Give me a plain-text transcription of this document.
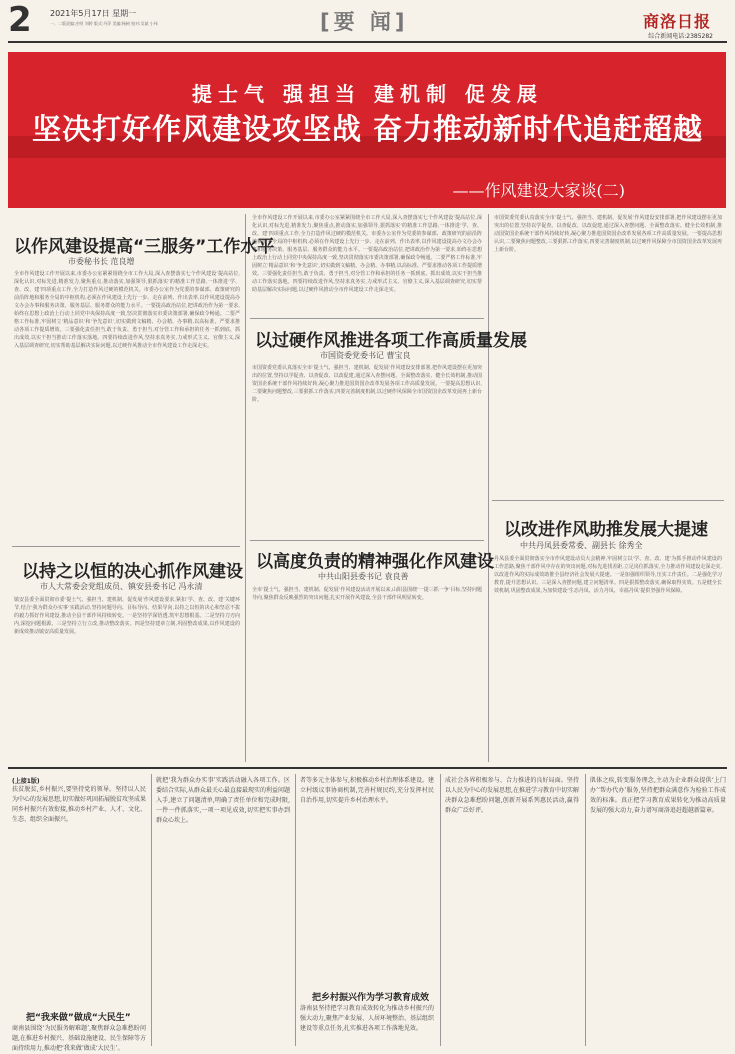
2 2021年5月17日 星期一
一、二版责编:庄明 刘婷 版式:丹萍 美编:杨树 校对:吴斌 小伟	[要 闻]	商洛日报
综合新闻电话:2385282
提士气 强担当 建机制 促发展
坚决打好作风建设攻坚战 奋力推动新时代追赶超越
——作风建设大家谈(二)
以作风建设提高“三服务”工作水平
市委秘书长 范良增
全市作风建设工作开展以来,市委办公室紧紧围绕全市工作大局,深入查摆落实七个作风建设‘提高站位,深化认识,对标先进,精准发力,聚焦重点,推动落实,加强领导,狠抓落实’的精准工作思路,一体推进‘学、查、改、建’四项重点工作,全力打造作风过硬的模范机关。市委办公室作为党委的参谋部、政策研究的前沿阵地和服务全局的中枢机构,必须在作风建设上先行一步、走在前列、作出表率,以作风建设提高办文办会办事和服务决策、服务基层、服务群众的能力水平。一要提高政治站位,把讲政治作为第一要求,始终在思想上政治上行动上同党中央保持高度一致,坚决贯彻落实市委决策部署,确保政令畅通。二要严格工作标准,牢固树立‘精品意识’和‘争先意识’,切实做到文稿精、办会精、办事精,以高标准、严要求推动各项工作提质增效。三要强化责任担当,敢于负责、勇于担当,对分管工作和承担的任务一抓到底、抓出成效,以实干担当推动工作落实落地。四要持续改进作风,坚持求真务实,力戒形式主义、官僚主义,深入基层调查研究,切实帮助基层解决实际问题,以过硬作风推动全市作风建设工作走深走实。
以持之以恒的决心抓作风建设
市人大常委会党组成员、镇安县委书记 冯永清
镇安县委全面贯彻市委‘提士气、强担当、建机制、促发展’作风建设要求,紧扣‘学、查、改、建’关键环节,结合‘我为群众办实事’实践活动,坚持问题导向、目标导向、结果导向,以持之以恒的决心和坚忍不拔的毅力抓好作风建设,推动全县干部作风持续转变。一是坚持学深悟透,筑牢思想根基。二是坚持刀刃向内,深挖问题根源。三是坚持立行立改,推动整改落实。四是坚持建章立制,巩固整改成果,以作风建设的新成效推动镇安高质量发展。
全市作风建设工作开展以来,市委办公室紧紧围绕全市工作大局,深入查摆落实七个作风建设‘提高站位,深化认识,对标先进,精准发力,聚焦重点,推动落实,加强领导,狠抓落实’的精准工作思路,一体推进‘学、查、改、建’四项重点工作,全力打造作风过硬的模范机关。市委办公室作为党委的参谋部、政策研究的前沿阵地和服务全局的中枢机构,必须在作风建设上先行一步、走在前列、作出表率,以作风建设提高办文办会办事和服务决策、服务基层、服务群众的能力水平。一要提高政治站位,把讲政治作为第一要求,始终在思想上政治上行动上同党中央保持高度一致,坚决贯彻落实市委决策部署,确保政令畅通。二要严格工作标准,牢固树立‘精品意识’和‘争先意识’,切实做到文稿精、办会精、办事精,以高标准、严要求推动各项工作提质增效。三要强化责任担当,敢于负责、勇于担当,对分管工作和承担的任务一抓到底、抓出成效,以实干担当推动工作落实落地。四要持续改进作风,坚持求真务实,力戒形式主义、官僚主义,深入基层调查研究,切实帮助基层解决实际问题,以过硬作风推动全市作风建设工作走深走实。
以过硬作风推进各项工作高质量发展
市国资委党委书记 曹宝良
市国资委党委认真落实全市‘提士气、强担当、建机制、促发展’作风建设安排部署,把作风建设摆在更加突出的位置,坚持以学促查、以查促改、以改促建,通过深入查摆问题、全面整改落实、健全长效机制,推动国资国企系统干部作风持续好转,凝心聚力推进国资国企改革发展各项工作高质量发展。一要提高思想认识,二要聚焦问题整改,三要狠抓工作落实,四要完善制度机制,以过硬作风保障全市国资国企改革发展再上新台阶。
以高度负责的精神强化作风建设
中共山阳县委书记 袁良善
全市‘提士气、强担当、建机制、促发展’作风建设活动开展以来,山阳县围绕‘一提三抓一争’目标,坚持问题导向,聚焦群众反映强烈的突出问题,扎实开展作风建设,全县干部作风明显转变。
市国资委党委认真落实全市‘提士气、强担当、建机制、促发展’作风建设安排部署,把作风建设摆在更加突出的位置,坚持以学促查、以查促改、以改促建,通过深入查摆问题、全面整改落实、健全长效机制,推动国资国企系统干部作风持续好转,凝心聚力推进国资国企改革发展各项工作高质量发展。一要提高思想认识,二要聚焦问题整改,三要狠抓工作落实,四要完善制度机制,以过硬作风保障全市国资国企改革发展再上新台阶。
以改进作风助推发展大提速
中共丹凤县委常委、副县长 徐秀全
丹凤县委全面贯彻落实全市作风建设动员大会精神,牢固树立以‘学、查、改、建’为抓手推动作风建设的工作思路,聚焦干部作风中存在的突出问题,对标先进找差距,立足岗位抓落实,全力推动作风建设走深走实,以改进作风的实际成效助推全县经济社会发展大提速。一是加强组织领导,压实工作责任。二是强化学习教育,提升思想认识。三是深入查摆问题,建立问题清单。四是狠抓整改落实,确保取得实效。五是健全长效机制,巩固整改成果,为加快建设‘生态丹凤、活力丹凤、幸福丹凤’提供坚强作风保障。
(上接1版)
扶贫脱贫,乡村振兴,要坚持党的领导。坚持以人民为中心的发展思想,切实做好巩固拓展脱贫攻坚成果同乡村振兴有效衔接,推动乡村产业、人才、文化、生态、组织全面振兴。
把“我来做”做成“大民生”
商南县围绕‘为民服务解难题’,聚焦群众急难愁盼问题,在推进乡村振兴、基础设施建设、民生保障等方面持续用力,推动把‘我来做’做成‘大民生’。
就把‘我为群众办实事’实践活动融入各项工作。区委结合实际,从群众最关心最直接最现实的利益问题入手,建立了问题清单,明确了责任单位和完成时限,一件一件抓落实,一项一项见成效,切实把实事办到群众心坎上。
者等多元主体参与,积极推动乡村治理体系建设。建立村级议事协商机制,完善村规民约,充分发挥村民自治作用,切实提升乡村治理水平。
把乡村振兴作为学习教育成效
洛南县坚持把学习教育成效转化为推动乡村振兴的强大动力,聚焦产业发展、人居环境整治、基层组织建设等重点任务,扎实推进各项工作落地见效。
成社会各界积极参与、合力推进的良好局面。坚持以人民为中心的发展思想,在推进学习教育中切实解决群众急难愁盼问题,创新开展系列惠民活动,赢得群众广泛好评。
肌体之疾,转变服务理念,主动为企业群众提供‘上门办’‘帮办代办’服务,坚持把群众满意作为检验工作成效的标准。真正把学习教育成果转化为推动高质量发展的强大动力,奋力谱写商洛追赶超越新篇章。
